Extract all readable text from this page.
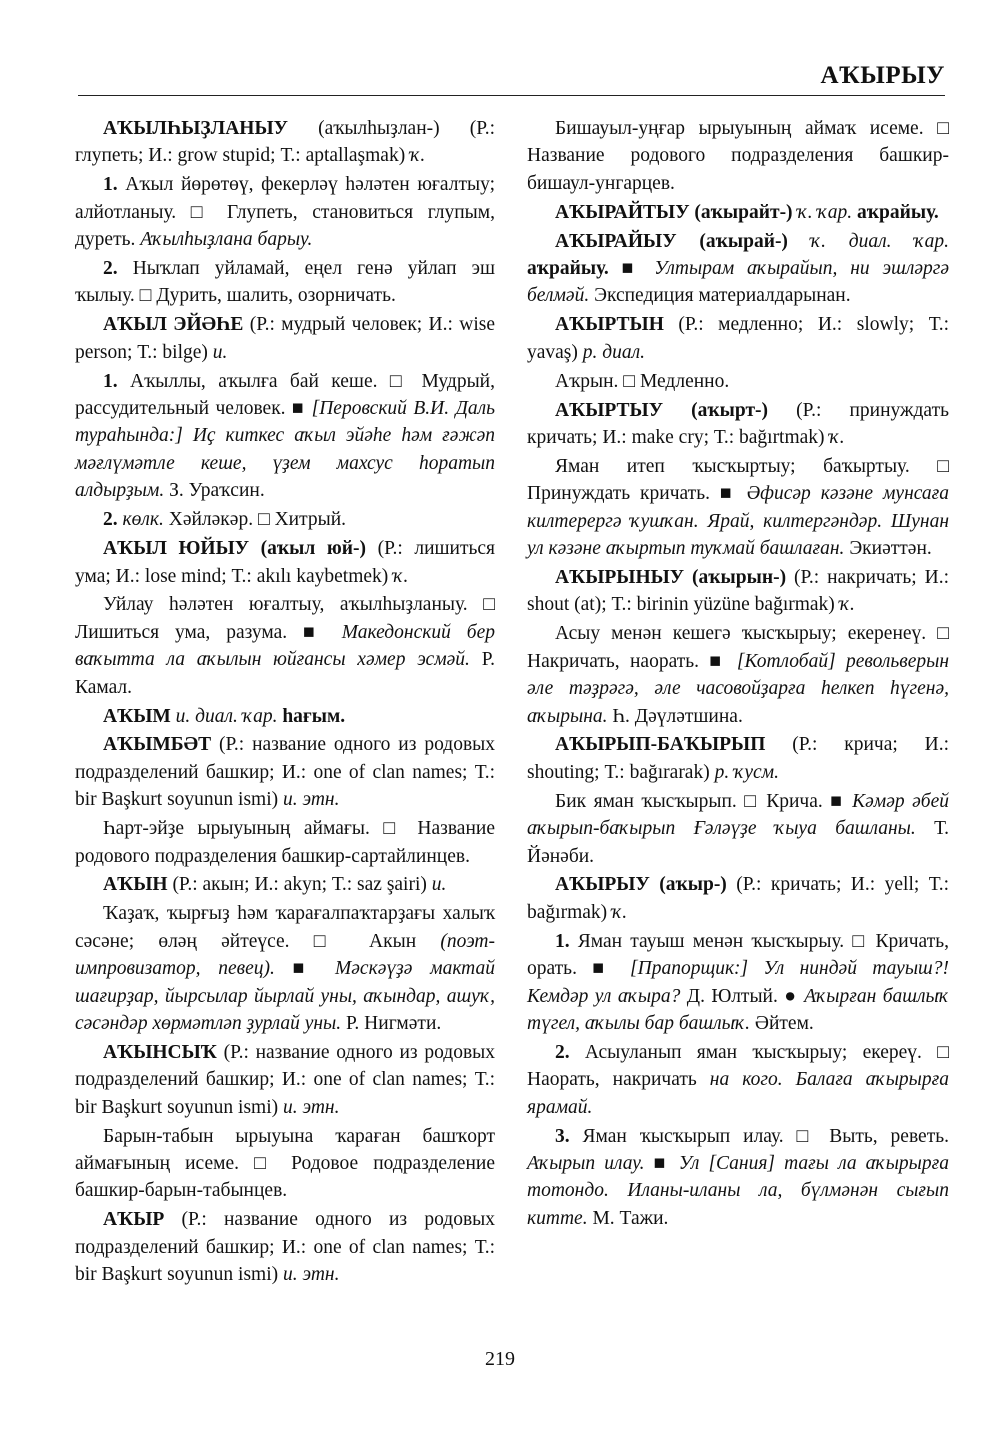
АҠЫРЫУ

АҠЫЛҺЫҘЛАНЫУ (аҡылһыҙлан-) (Р.: глупеть; И.: grow stupid; Т.: aptallaşmak) ҡ.

1. Аҡыл йөрөтөү, фекерләү һәләтен юғалтыу; алйотланыу. □ Глупеть, становиться глупым, дуреть. Аҡылһыҙлана барыу.

2. Ныҡлап уйламай, еңел генә уйлап эш ҡылыу. □ Дурить, шалить, озорничать.

АҠЫЛ ЭЙӘҺЕ (Р.: мудрый человек; И.: wise person; Т.: bilge) и.

1. Аҡыллы, аҡылға бай кеше. □ Мудрый, рассудительный человек. ■ [Перовский В.И. Даль тураһында:] Иҫ киткес аҡыл эйәһе һәм ғәжәп мәғлүмәтле кеше, үҙем махсус һоратып алдырҙым. З. Ураҡсин.

2. көлк. Хәйләкәр. □ Хитрый.

АҠЫЛ ЮЙЫУ (аҡыл юй-) (Р.: лишиться ума; И.: lose mind; Т.: akılı kaybetmek) ҡ.

Уйлау һәләтен юғалтыу, аҡылһыҙланыу. □ Лишиться ума, разума. ■ Македонский бер ваҡытта ла аҡылын юйғансы хәмер эсмәй. Р. Камал.

АҠЫМ и. диал. ҡар. һағым.

АҠЫМБӘТ (Р.: название одного из родовых подразделений башкир; И.: one of clan names; Т.: bir Başkurt soyunun ismi) и. этн.

Һарт-эйҙе ырыуының аймағы. □ Название родового подразделения башкир-сартайлинцев.

АҠЫН (Р.: акын; И.: akyn; Т.: saz şairi) и.

Ҡаҙаҡ, ҡырғыҙ һәм ҡарағалпаҡтарҙағы халыҡ сәсәне; өләң әйтеүсе. □ Акын (поэт-импровизатор, певец). ■ Мәскәүҙә мактай шағирҙар, йырсылар йырлай уны, аҡындар, ашуҡ, сәсәндәр хөрмәтләп ҙурлай уны. Р. Нигмәти.

АҠЫНСЫҠ (Р.: название одного из родовых подразделений башкир; И.: one of clan names; Т.: bir Başkurt soyunun ismi) и. этн.

Барын-табын ырыуына ҡараған башҡорт аймағының исеме. □ Родовое подразделение башкир-барын-табынцев.

АҠЫР (Р.: название одного из родовых подразделений башкир; И.: one of clan names; Т.: bir Başkurt soyunun ismi) и. этн.

Бишауыл-уңғар ырыуының аймаҡ исеме. □ Название родового подразделения башкир-бишаул-унгарцев.

АҠЫРАЙТЫУ (аҡырайт-) ҡ. ҡар. аҡрайыу.

АҠЫРАЙЫУ (аҡырай-) ҡ. диал. ҡар. аҡрайыу. ■ Ултырам аҡырайып, ни эшләргә белмәй. Экспедиция материалдарынан.

АҠЫРТЫН (Р.: медленно; И.: slowly; Т.: yavaş) р. диал.

Аҡрын. □ Медленно.

АҠЫРТЫУ (аҡырт-) (Р.: принуждать кричать; И.: make cry; Т.: bağırtmak) ҡ.

Яман итеп ҡысҡыртыу; баҡыртыу. □ Принуждать кричать. ■ Әфисәр кәзәне мунсаға килтерергә ҡушҡан. Ярай, килтергәндәр. Шунан ул кәзәне аҡыртып туҡмай башлаған. Экиәттән.

АҠЫРЫНЫУ (аҡырын-) (Р.: накричать; И.: shout (at); Т.: birinin yüzüne bağırmak) ҡ.

Асыу менән кешегә ҡысҡырыу; екеренеү. □ Накричать, наорать. ■ [Котлобай] револьверын әле тәҙрәгә, әле часовойҙарға һелкеп һүгенә, аҡырына. Һ. Дәүләтшина.

АҠЫРЫП-БАҠЫРЫП (Р.: крича; И.: shouting; Т.: bağırarak) р. ҡусм.

Бик яман ҡысҡырып. □ Крича. ■ Кәмәр әбей аҡырып-баҡырып Ғәләүҙе ҡыуа башланы. Т. Йәнәби.

АҠЫРЫУ (аҡыр-) (Р.: кричать; И.: yell; Т.: bağırmak) ҡ.

1. Яман тауыш менән ҡысҡырыу. □ Кричать, орать. ■ [Прапорщик:] Ул ниндәй тауыш?! Кемдәр ул аҡыра? Д. Юлтый. ● Аҡырған башлыҡ түгел, аҡылы бар башлыҡ. Әйтем.

2. Асыуланып яман ҡысҡырыу; екереү. □ Наорать, накричать на кого. Балаға аҡырырға ярамай.

3. Яман ҡысҡырып илау. □ Выть, реветь. Аҡырып илау. ■ Ул [Сания] тағы ла аҡырырға тотондо. Иланы-иланы ла, бүлмәнән сығып китте. М. Тажи.

219
